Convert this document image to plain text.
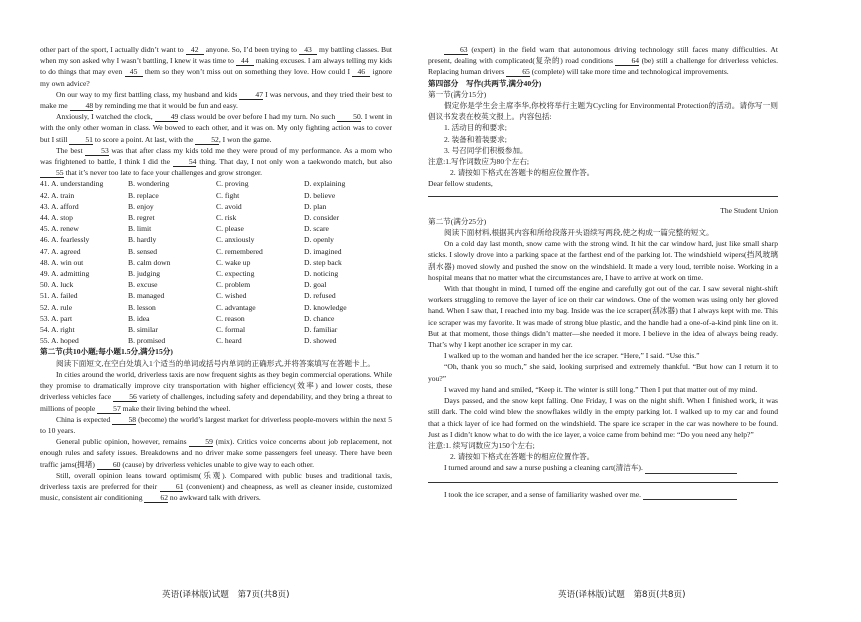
other part of the sport, I actually didn’t want to 42 anyone. So, I’d been trying to 43 my battling classes. But when my son asked why I wasn’t battling, I knew it was time to 44 making excuses. I am always telling my kids to do things that may even 45 them so they won’t miss out on something they love. How could I 46 ignore my own advice?

On our way to my first battling class, my husband and kids 47 I was nervous, and they tried their best to make me 48 by reminding me that it would be fun and easy.

Anxiously, I watched the clock, 49 class would be over before I had my turn. No such 50. I went in with the only other woman in class. We bowed to each other, and it was on. My only fighting action was to cover but I still 51 to score a point. At last, with the 52, I won the game.

The best 53 was that after class my kids told me they were proud of my performance. As a mom who was frightened to battle, I think I did the 54 thing. That day, I not only won a taekwondo match, but also 55 that it’s never too late to face your challenges and grow stronger.

41. A. understanding	B. wondering	C. proving	D. explaining
42. A. train	B. replace	C. fight	D. believe
43. A. afford	B. enjoy	C. avoid	D. plan
44. A. stop	B. regret	C. risk	D. consider
45. A. renew	B. limit	C. please	D. scare
46. A. fearlessly	B. hardly	C. anxiously	D. openly
47. A. agreed	B. sensed	C. remembered	D. imagined
48. A. win out	B. calm down	C. wake up	D. step back
49. A. admitting	B. judging	C. expecting	D. noticing
50. A. luck	B. excuse	C. problem	D. goal
51. A. failed	B. managed	C. wished	D. refused
52. A. rule	B. lesson	C. advantage	D. knowledge
53. A. part	B. idea	C. reason	D. chance
54. A. right	B. similar	C. formal	D. familiar
55. A. hoped	B. promised	C. heard	D. showed

第二节(共10小题;每小题1.5分,满分15分)

阅读下面短文,在空白处填入1个适当的单词或括号内单词的正确形式,并将答案填写在答题卡上。

In cities around the world, driverless taxis are now frequent sights as they begin commercial operations. While they promise to dramatically improve city transportation with higher efficiency(效率) and lower costs, these driverless vehicles face 56 variety of challenges, including safety and dependability, and they bring a threat to millions of people 57 make their living behind the wheel.

China is expected 58 (become) the world’s largest market for driverless people-movers within the next 5 to 10 years.

General public opinion, however, remains 59 (mix). Critics voice concerns about job replacement, not enough rules and safety issues. Breakdowns and no driver make some passengers feel uneasy. There have been traffic jams(拥堵) 60 (cause) by driverless vehicles unable to give way to each other.

Still, overall opinion leans toward optimism(乐观). Compared with public buses and traditional taxis, driverless taxis are preferred for their 61 (convenient) and cheapness, as well as cleaner inside, customized music, consistent air conditioning 62 no awkward talk with drivers.

63 (expert) in the field warn that autonomous driving technology still faces many difficulties. At present, dealing with complicated(复杂的) road conditions 64 (be) still a challenge for driverless vehicles. Replacing human drivers 65 (complete) will take more time and technological improvements.

第四部分　写作(共两节,满分40分)

第一节(满分15分)

假定你是学生会主席李华,你校将举行主题为Cycling for Environmental Protection的活动。请你写一则倡议书发表在校英文报上。内容包括:

1. 活动目的和要求;

2. 装备和着装要求;

3. 号召同学们积极参加。

注意:1.写作词数应为80个左右;

2. 请按如下格式在答题卡的相应位置作答。

Dear fellow students,

The Student Union

第二节(满分25分)

阅读下面材料,根据其内容和所给段落开头语续写两段,使之构成一篇完整的短文。

On a cold day last month, snow came with the strong wind. It hit the car window hard, just like small sharp sticks. I slowly drove into a parking space at the farthest end of the parking lot. The windshield wipers(挡风玻璃刮水器) moved slowly and pushed the snow on the windshield. It made a very loud, terrible noise. Working in a hospital means that no matter what the circumstances are, I have to arrive at work on time.

With that thought in mind, I turned off the engine and carefully got out of the car. I saw several night-shift workers struggling to remove the layer of ice on their car windows. One of the women was using only her gloved hand. When I saw that, I reached into my bag. Inside was the ice scraper(刮冰器) that I always kept with me. This ice scraper was my favorite. It was made of strong blue plastic, and the handle had a one-of-a-kind pink line on it. But at that moment, those things didn’t matter—she needed it more. I believe in the idea of always being ready. That’s why I kept another ice scraper in my car.

I walked up to the woman and handed her the ice scraper. “Here,” I said. “Use this.”

“Oh, thank you so much,” she said, looking surprised and extremely thankful. “But how can I return it to you?”

I waved my hand and smiled, “Keep it. The winter is still long.” Then I put that matter out of my mind.

Days passed, and the snow kept falling. One Friday, I was on the night shift. When I finished work, it was still dark. The cold wind blew the snowflakes wildly in the empty parking lot. I walked up to my car and found that a thick layer of ice had formed on the windshield. The spare ice scraper in the car was nowhere to be found. Just as I didn’t know what to do with the ice layer, a voice came from behind me: “Do you need any help?”

注意:1. 续写词数应为150个左右;

2. 请按如下格式在答题卡的相应位置作答。

I turned around and saw a nurse pushing a cleaning cart(清洁车).

I took the ice scraper, and a sense of familiarity washed over me.

英语(译林版)试题　第7页(共8页)	英语(译林版)试题　第8页(共8页)
